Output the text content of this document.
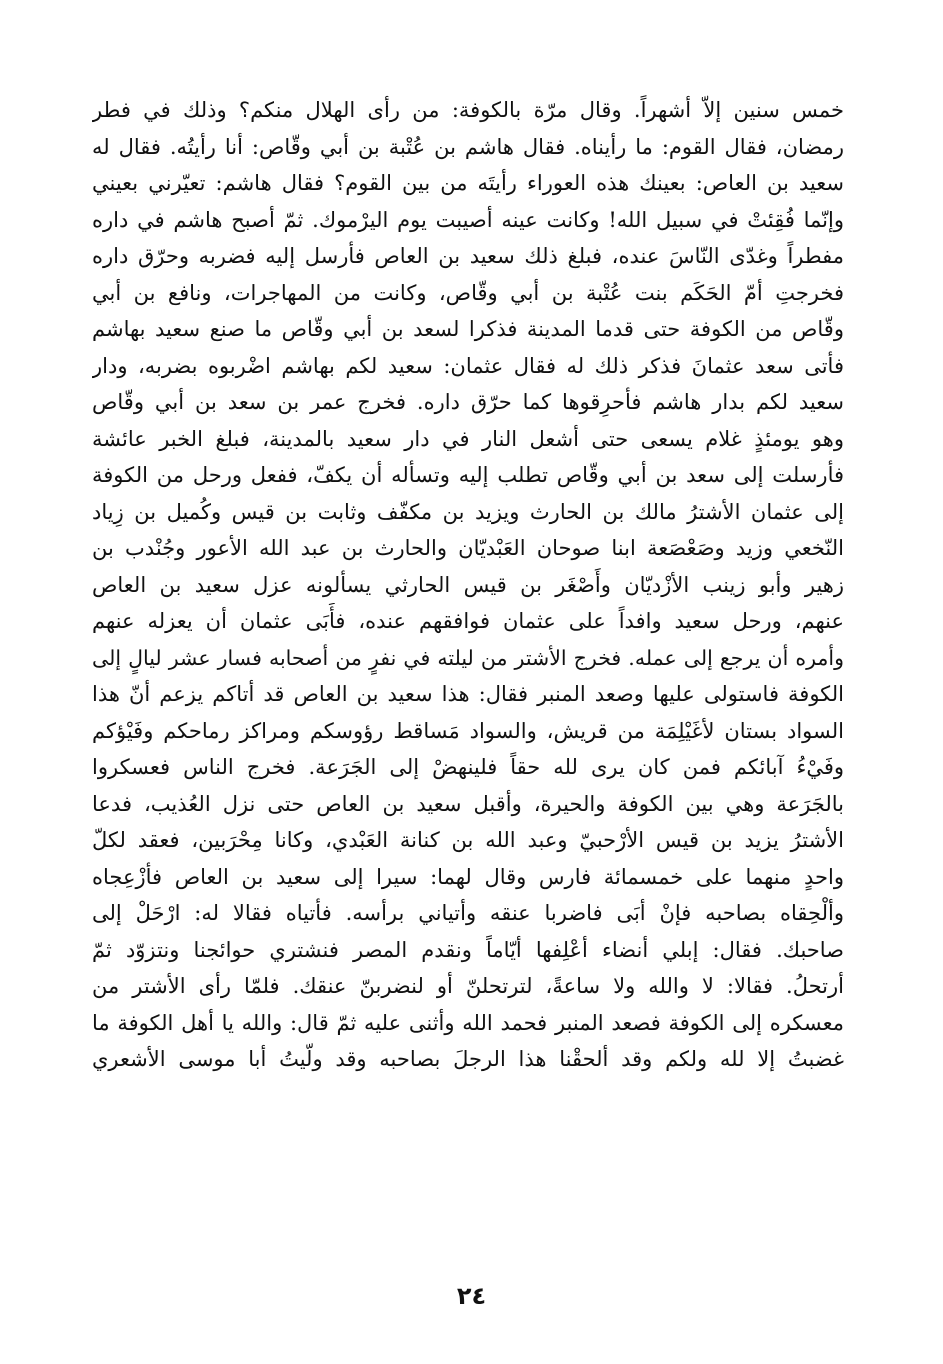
خمس سنين إلاّ أشهراً. وقال مرّة بالكوفة: من رأى الهلال منكم؟ وذلك في فطر
رمضان، فقال القوم: ما رأيناه. فقال هاشم بن عُتْبة بن أبي وقّاص: أنا رأيتُه. فقال له
سعيد بن العاص: بعينك هذه العوراء رأيتَه من بين القوم؟ فقال هاشم: تعيّرني بعيني
وإنّما فُقِئتْ في سبيل الله! وكانت عينه أصيبت يوم اليرْموك. ثمّ أصبح هاشم في داره
مفطراً وغدّى النّاسَ عنده، فبلغ ذلك سعيد بن العاص فأرسل إليه فضربه وحرّق داره
فخرجتِ أمّ الحَكَم بنت عُتْبة بن أبي وقّاص، وكانت من المهاجرات، ونافع بن أبي
وقّاص من الكوفة حتى قدما المدينة فذكرا لسعد بن أبي وقّاص ما صنع سعيد بهاشم
فأتى سعد عثمانَ فذكر ذلك له فقال عثمان: سعيد لكم بهاشم اضْربوه بضربه، ودار
سعيد لكم بدار هاشم فأحرِقوها كما حرّق داره. فخرج عمر بن سعد بن أبي وقّاص
وهو يومئذٍ غلام يسعى حتى أشعل النار في دار سعيد بالمدينة، فبلغ الخبر عائشة
فأرسلت إلى سعد بن أبي وقّاص تطلب إليه وتسأله أن يكفّ، ففعل ورحل من الكوفة
إلى عثمان الأشترُ مالك بن الحارث ويزيد بن مكفّف وثابت بن قيس وكُميل بن زِياد
النّخعي وزيد وصَعْصَعة ابنا صوحان العَبْديّان والحارث بن عبد الله الأعور وجُنْدب بن
زهير وأبو زينب الأزْديّان وأَصْغَر بن قيس الحارثي يسألونه عزل سعيد بن العاص
عنهم، ورحل سعيد وافداً على عثمان فوافقهم عنده، فأَبَى عثمان أن يعزله عنهم
وأمره أن يرجع إلى عمله. فخرج الأشتر من ليلته في نفرٍ من أصحابه فسار عشر ليالٍ إلى
الكوفة فاستولى عليها وصعد المنبر فقال: هذا سعيد بن العاص قد أتاكم يزعم أنّ هذا
السواد بستان لأغَيْلِمَة من قريش، والسواد مَساقط رؤوسكم ومراكز رماحكم وفَيْؤكم
وفَيْءُ آبائكم فمن كان يرى لله حقاً فلينهضْ إلى الجَرَعة. فخرج الناس فعسكروا
بالجَرَعة وهي بين الكوفة والحيرة، وأقبل سعيد بن العاص حتى نزل العُذيب، فدعا
الأشترُ يزيد بن قيس الأرْحبيّ وعبد الله بن كنانة العَبْدي، وكانا مِحْرَبين، فعقد لكلّ
واحدٍ منهما على خمسمائة فارس وقال لهما: سيرا إلى سعيد بن العاص فأزْعِجاه
وألْحِقاه بصاحبه فإنْ أبَى فاضربا عنقه وأتياني برأسه. فأتياه فقالا له: ارْحَلْ إلى
صاحبك. فقال: إبلي أنضاء أعْلِفها أيّاماً ونقدم المصر فنشتري حوائجنا ونتزوّد ثمّ
أرتحلُ. فقالا: لا والله ولا ساعةً، لترتحلنّ أو لنضربنّ عنقك. فلمّا رأى الأشتر من
معسكره إلى الكوفة فصعد المنبر فحمد الله وأثنى عليه ثمّ قال: والله يا أهل الكوفة ما
غضبتُ إلا لله ولكم وقد ألحقْنا هذا الرجلَ بصاحبه وقد ولّيتُ أبا موسى الأشعري
٢٤
